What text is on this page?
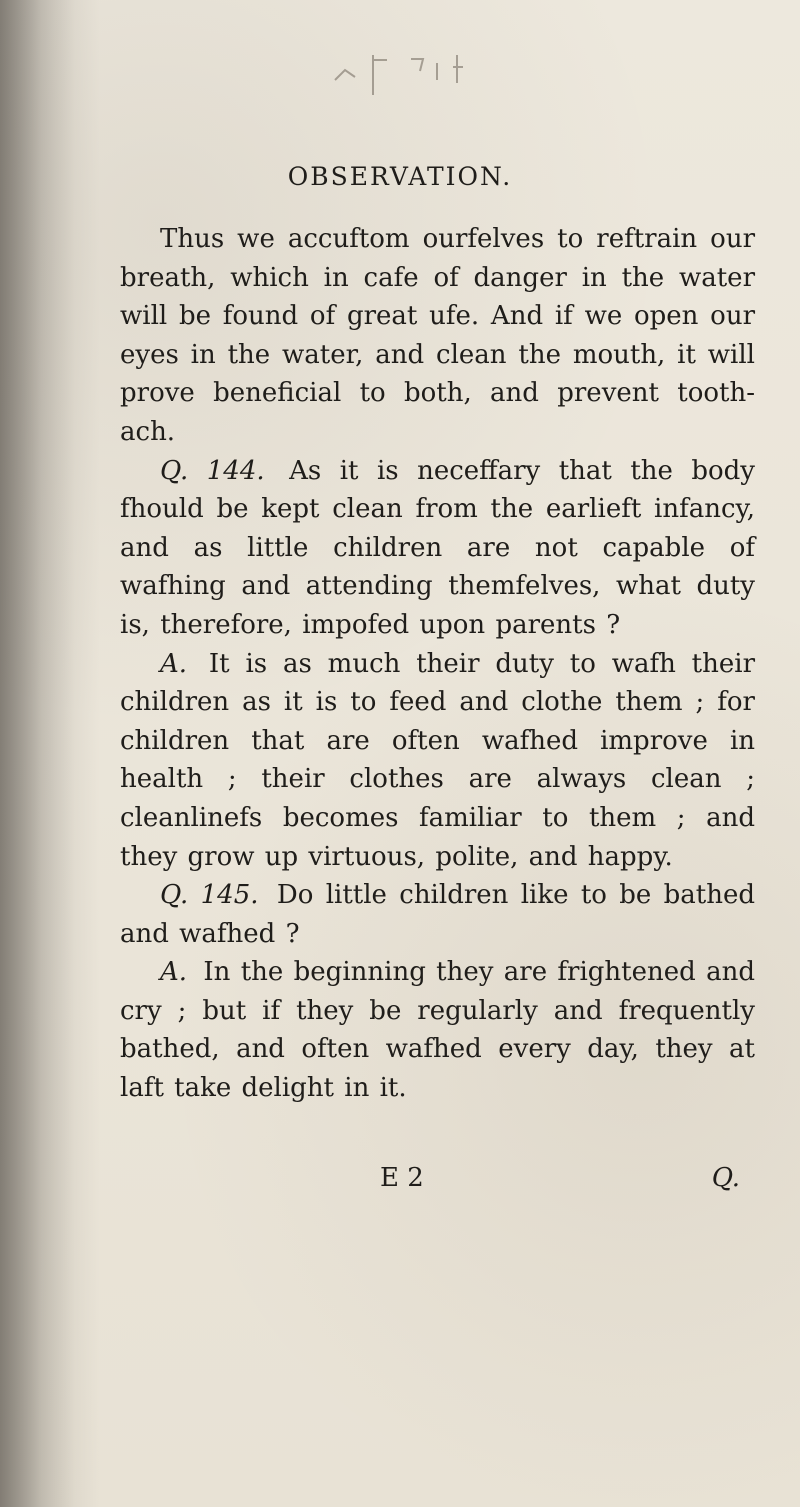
OBSERVATION.

Thus we accuftom ourfelves to reftrain our breath, which in cafe of danger in the water will be found of great ufe. And if we open our eyes in the water, and clean the mouth, it will prove beneficial to both, and prevent tooth-ach.

Q. 144. As it is neceffary that the body fhould be kept clean from the earlieft infancy, and as little children are not capable of wafhing and attending themfelves, what duty is, therefore, impofed upon parents ?

A. It is as much their duty to wafh their children as it is to feed and clothe them ; for children that are often wafhed improve in health ; their clothes are always clean ; cleanlinefs becomes familiar to them ; and they grow up virtuous, polite, and happy.

Q. 145. Do little children like to be bathed and wafhed ?

A. In the beginning they are frightened and cry ; but if they be regularly and frequently bathed, and often wafhed every day, they at laft take delight in it.

E 2	Q.
